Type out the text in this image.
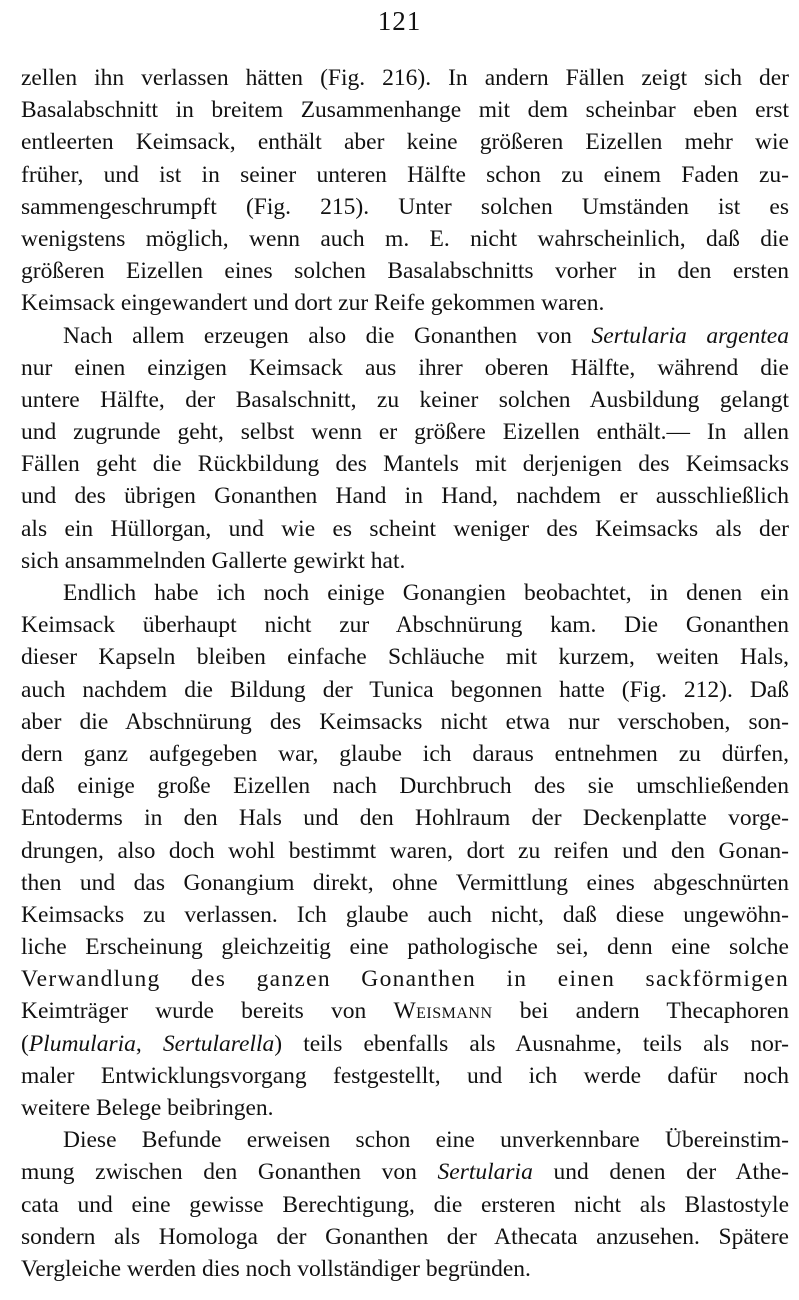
121
zellen ihn verlassen hätten (Fig. 216). In andern Fällen zeigt sich der
Basalabschnitt in breitem Zusammenhange mit dem scheinbar eben erst
entleerten Keimsack, enthält aber keine größeren Eizellen mehr wie
früher, und ist in seiner unteren Hälfte schon zu einem Faden zu-
sammengeschrumpft (Fig. 215). Unter solchen Umständen ist es
wenigstens möglich, wenn auch m. E. nicht wahrscheinlich, daß die
größeren Eizellen eines solchen Basalabschnitts vorher in den ersten
Keimsack eingewandert und dort zur Reife gekommen waren.
Nach allem erzeugen also die Gonanthen von Sertularia argentea
nur einen einzigen Keimsack aus ihrer oberen Hälfte, während die
untere Hälfte, der Basalschnitt, zu keiner solchen Ausbildung gelangt
und zugrunde geht, selbst wenn er größere Eizellen enthält.— In allen
Fällen geht die Rückbildung des Mantels mit derjenigen des Keimsacks
und des übrigen Gonanthen Hand in Hand, nachdem er ausschließlich
als ein Hüllorgan, und wie es scheint weniger des Keimsacks als der
sich ansammelnden Gallerte gewirkt hat.
Endlich habe ich noch einige Gonangien beobachtet, in denen ein
Keimsack überhaupt nicht zur Abschnürung kam. Die Gonanthen
dieser Kapseln bleiben einfache Schläuche mit kurzem, weiten Hals,
auch nachdem die Bildung der Tunica begonnen hatte (Fig. 212). Daß
aber die Abschnürung des Keimsacks nicht etwa nur verschoben, son-
dern ganz aufgegeben war, glaube ich daraus entnehmen zu dürfen,
daß einige große Eizellen nach Durchbruch des sie umschließenden
Entoderms in den Hals und den Hohlraum der Deckenplatte vorge-
drungen, also doch wohl bestimmt waren, dort zu reifen und den Gonan-
then und das Gonangium direkt, ohne Vermittlung eines abgeschnürten
Keimsacks zu verlassen. Ich glaube auch nicht, daß diese ungewöhn-
liche Erscheinung gleichzeitig eine pathologische sei, denn eine solche
Verwandlung des ganzen Gonanthen in einen sackförmigen
Keimträger wurde bereits von Weismann bei andern Thecaphoren
(Plumularia, Sertularella) teils ebenfalls als Ausnahme, teils als nor-
maler Entwicklungsvorgang festgestellt, und ich werde dafür noch
weitere Belege beibringen.
Diese Befunde erweisen schon eine unverkennbare Übereinstim-
mung zwischen den Gonanthen von Sertularia und denen der Athe-
cata und eine gewisse Berechtigung, die ersteren nicht als Blastostyle
sondern als Homologa der Gonanthen der Athecata anzusehen. Spätere
Vergleiche werden dies noch vollständiger begründen.
